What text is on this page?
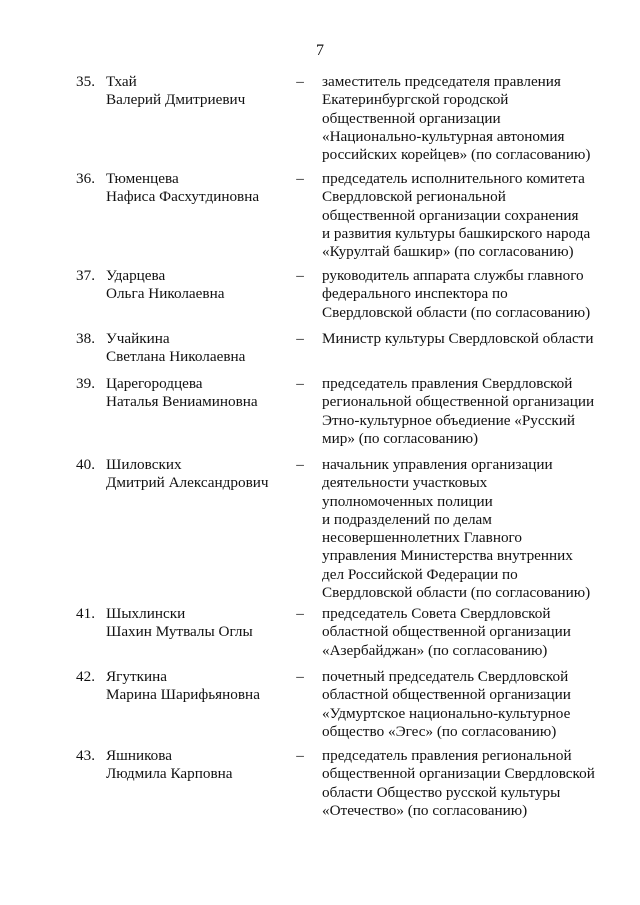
7
35. Тхай
Валерий Дмитриевич
– заместитель председателя правления
Екатеринбургской городской
общественной организации
«Национально-культурная автономия
российских корейцев» (по согласованию)
36. Тюменцева
Нафиса Фасхутдиновна
– председатель исполнительного комитета
Свердловской региональной
общественной организации сохранения
и развития культуры башкирского народа
«Курултай башкир» (по согласованию)
37. Ударцева
Ольга Николаевна
– руководитель аппарата службы главного
федерального инспектора по
Свердловской области (по согласованию)
38. Учайкина
Светлана Николаевна
– Министр культуры Свердловской области
39. Царегородцева
Наталья Вениаминовна
– председатель правления Свердловской
региональной общественной организации
Этно-культурное объедиение «Русский
мир» (по согласованию)
40. Шиловских
Дмитрий Александрович
– начальник управления организации
деятельности участковых
уполномоченных полиции
и подразделений по делам
несовершеннолетних Главного
управления Министерства внутренних
дел Российской Федерации по
Свердловской области (по согласованию)
41. Шыхлински
Шахин Мутвалы Оглы
– председатель Совета Свердловской
областной общественной организации
«Азербайджан» (по согласованию)
42. Ягуткина
Марина Шарифьяновна
– почетный председатель Свердловской
областной общественной организации
«Удмуртское национально-культурное
общество «Эгес» (по согласованию)
43. Яшникова
Людмила Карповна
– председатель правления региональной
общественной организации Свердловской
области Общество русской культуры
«Отечество» (по согласованию)
